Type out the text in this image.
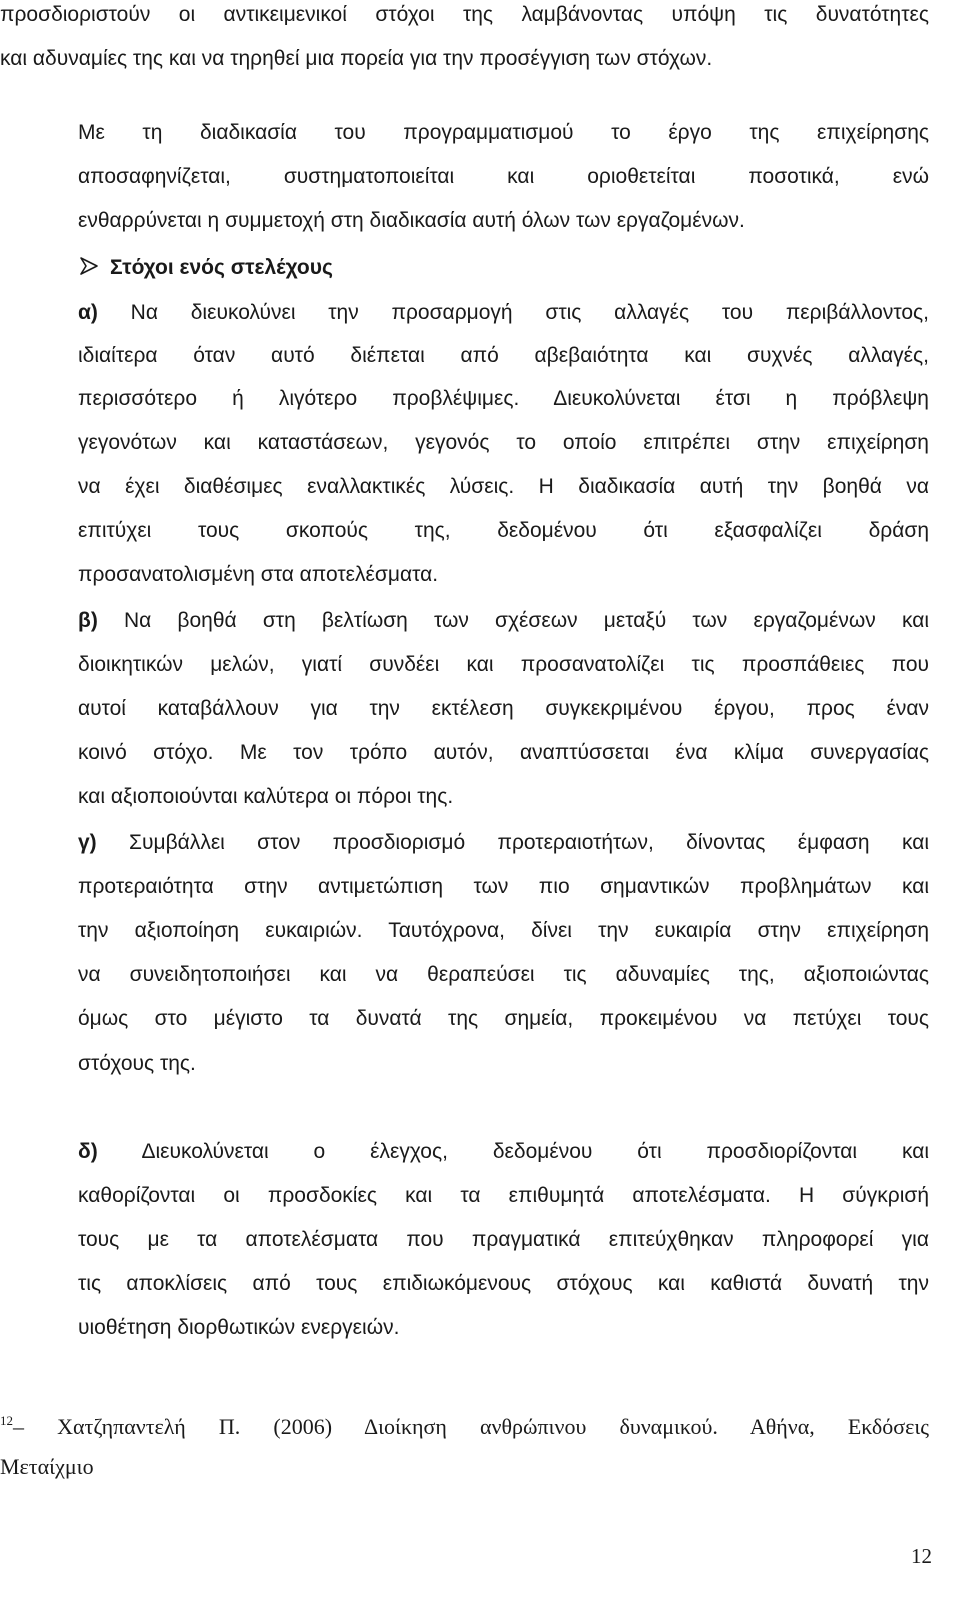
προσδιοριστούν οι αντικειμενικοί στόχοι της λαμβάνοντας υπόψη τις δυνατότητες
και αδυναμίες της και να τηρηθεί μια πορεία για την προσέγγιση των στόχων.
Με τη διαδικασία του προγραμματισμού το έργο της επιχείρησης
αποσαφηνίζεται, συστηματοποιείται και οριοθετείται ποσοτικά, ενώ
ενθαρρύνεται η συμμετοχή στη διαδικασία αυτή όλων των εργαζομένων.
Στόχοι ενός στελέχους
α) Να διευκολύνει την προσαρμογή στις αλλαγές του περιβάλλοντος,
ιδιαίτερα όταν αυτό διέπεται από αβεβαιότητα και συχνές αλλαγές,
περισσότερο ή λιγότερο προβλέψιμες. Διευκολύνεται έτσι η πρόβλεψη
γεγονότων και καταστάσεων, γεγονός το οποίο επιτρέπει στην επιχείρηση
να έχει διαθέσιμες εναλλακτικές λύσεις. Η διαδικασία αυτή την βοηθά να
επιτύχει τους σκοπούς της, δεδομένου ότι εξασφαλίζει δράση
προσανατολισμένη στα αποτελέσματα.
β) Να βοηθά στη βελτίωση των σχέσεων μεταξύ των εργαζομένων και
διοικητικών μελών, γιατί συνδέει και προσανατολίζει τις προσπάθειες που
αυτοί καταβάλλουν για την εκτέλεση συγκεκριμένου έργου, προς έναν
κοινό στόχο. Με τον τρόπο αυτόν, αναπτύσσεται ένα κλίμα συνεργασίας
και αξιοποιούνται καλύτερα οι πόροι της.
γ) Συμβάλλει στον προσδιορισμό προτεραιοτήτων, δίνοντας έμφαση και
προτεραιότητα στην αντιμετώπιση των πιο σημαντικών προβλημάτων και
την αξιοποίηση ευκαιριών. Ταυτόχρονα, δίνει την ευκαιρία στην επιχείρηση
να συνειδητοποιήσει και να θεραπεύσει τις αδυναμίες της, αξιοποιώντας
όμως στο μέγιστο τα δυνατά της σημεία, προκειμένου να πετύχει τους
στόχους της.
δ) Διευκολύνεται ο έλεγχος, δεδομένου ότι προσδιορίζονται και
καθορίζονται οι προσδοκίες και τα επιθυμητά αποτελέσματα. Η σύγκρισή
τους με τα αποτελέσματα που πραγματικά επιτεύχθηκαν πληροφορεί για
τις αποκλίσεις από τους επιδιωκόμενους στόχους και καθιστά δυνατή την
υιοθέτηση διορθωτικών ενεργειών.
$^{12}$– Χατζηπαντελή Π. (2006) Διοίκηση ανθρώπινου δυναμικού. Αθήνα, Εκδόσεις
Μεταίχμιο
12
